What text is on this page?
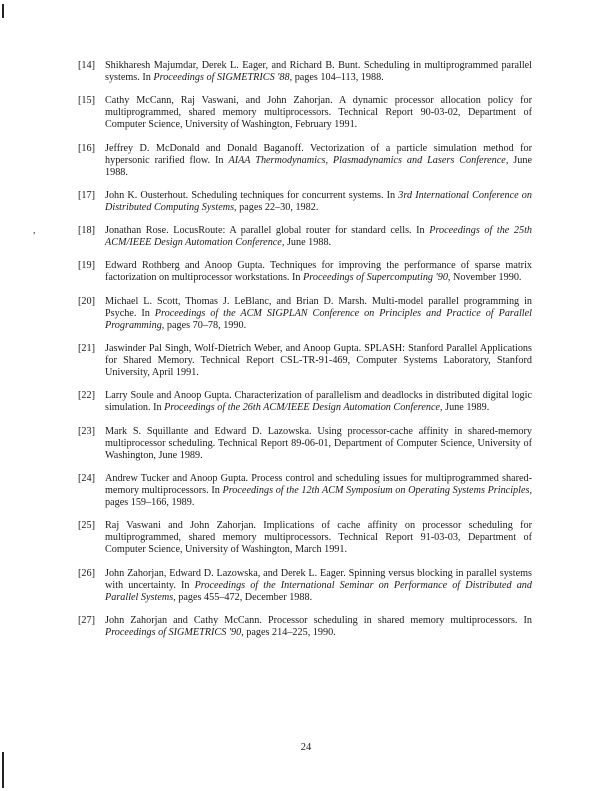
,
[14] Shikharesh Majumdar, Derek L. Eager, and Richard B. Bunt. Scheduling in multiprogrammed parallel systems. In Proceedings of SIGMETRICS '88, pages 104–113, 1988.
[15] Cathy McCann, Raj Vaswani, and John Zahorjan. A dynamic processor allocation policy for multiprogrammed, shared memory multiprocessors. Technical Report 90-03-02, Department of Computer Science, University of Washington, February 1991.
[16] Jeffrey D. McDonald and Donald Baganoff. Vectorization of a particle simulation method for hypersonic rarified flow. In AIAA Thermodynamics, Plasmadynamics and Lasers Conference, June 1988.
[17] John K. Ousterhout. Scheduling techniques for concurrent systems. In 3rd International Conference on Distributed Computing Systems, pages 22–30, 1982.
[18] Jonathan Rose. LocusRoute: A parallel global router for standard cells. In Proceedings of the 25th ACM/IEEE Design Automation Conference, June 1988.
[19] Edward Rothberg and Anoop Gupta. Techniques for improving the performance of sparse matrix factorization on multiprocessor workstations. In Proceedings of Supercomputing '90, November 1990.
[20] Michael L. Scott, Thomas J. LeBlanc, and Brian D. Marsh. Multi-model parallel programming in Psyche. In Proceedings of the ACM SIGPLAN Conference on Principles and Practice of Parallel Programming, pages 70–78, 1990.
[21] Jaswinder Pal Singh, Wolf-Dietrich Weber, and Anoop Gupta. SPLASH: Stanford Parallel Applications for Shared Memory. Technical Report CSL-TR-91-469, Computer Systems Laboratory, Stanford University, April 1991.
[22] Larry Soule and Anoop Gupta. Characterization of parallelism and deadlocks in distributed digital logic simulation. In Proceedings of the 26th ACM/IEEE Design Automation Conference, June 1989.
[23] Mark S. Squillante and Edward D. Lazowska. Using processor-cache affinity in shared-memory multiprocessor scheduling. Technical Report 89-06-01, Department of Computer Science, University of Washington, June 1989.
[24] Andrew Tucker and Anoop Gupta. Process control and scheduling issues for multiprogrammed shared-memory multiprocessors. In Proceedings of the 12th ACM Symposium on Operating Systems Principles, pages 159–166, 1989.
[25] Raj Vaswani and John Zahorjan. Implications of cache affinity on processor scheduling for multiprogrammed, shared memory multiprocessors. Technical Report 91-03-03, Department of Computer Science, University of Washington, March 1991.
[26] John Zahorjan, Edward D. Lazowska, and Derek L. Eager. Spinning versus blocking in parallel systems with uncertainty. In Proceedings of the International Seminar on Performance of Distributed and Parallel Systems, pages 455–472, December 1988.
[27] John Zahorjan and Cathy McCann. Processor scheduling in shared memory multiprocessors. In Proceedings of SIGMETRICS '90, pages 214–225, 1990.
24
